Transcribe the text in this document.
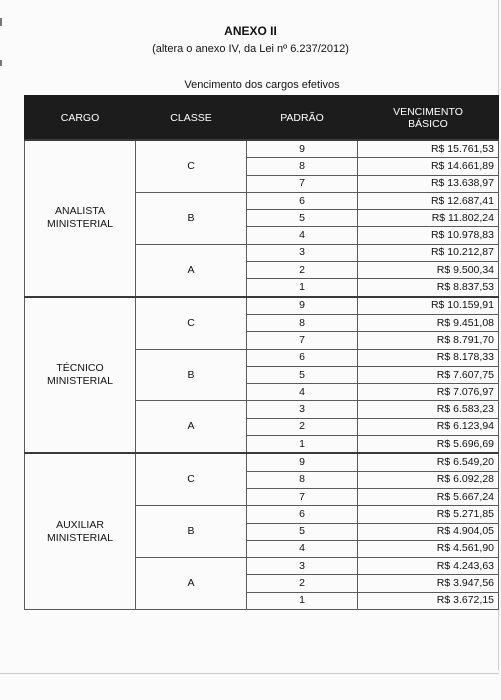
ANEXO II
(altera o anexo IV, da Lei nº 6.237/2012)
Vencimento dos cargos efetivos
CARGO	CLASSE	PADRÃO	VENCIMENTO BÁSICO
ANALISTA MINISTERIAL	C	9	R$ 15.761,53
		8	R$ 14.661,89
		7	R$ 13.638,97
	B	6	R$ 12.687,41
		5	R$ 11.802,24
		4	R$ 10.978,83
	A	3	R$ 10.212,87
		2	R$ 9.500,34
		1	R$ 8.837,53
TÉCNICO MINISTERIAL	C	9	R$ 10.159,91
		8	R$ 9.451,08
		7	R$ 8.791,70
	B	6	R$ 8.178,33
		5	R$ 7.607,75
		4	R$ 7.076,97
	A	3	R$ 6.583,23
		2	R$ 6.123,94
		1	R$ 5.696,69
AUXILIAR MINISTERIAL	C	9	R$ 6.549,20
		8	R$ 6.092,28
		7	R$ 5.667,24
	B	6	R$ 5.271,85
		5	R$ 4.904,05
		4	R$ 4.561,90
	A	3	R$ 4.243,63
		2	R$ 3.947,56
		1	R$ 3.672,15
